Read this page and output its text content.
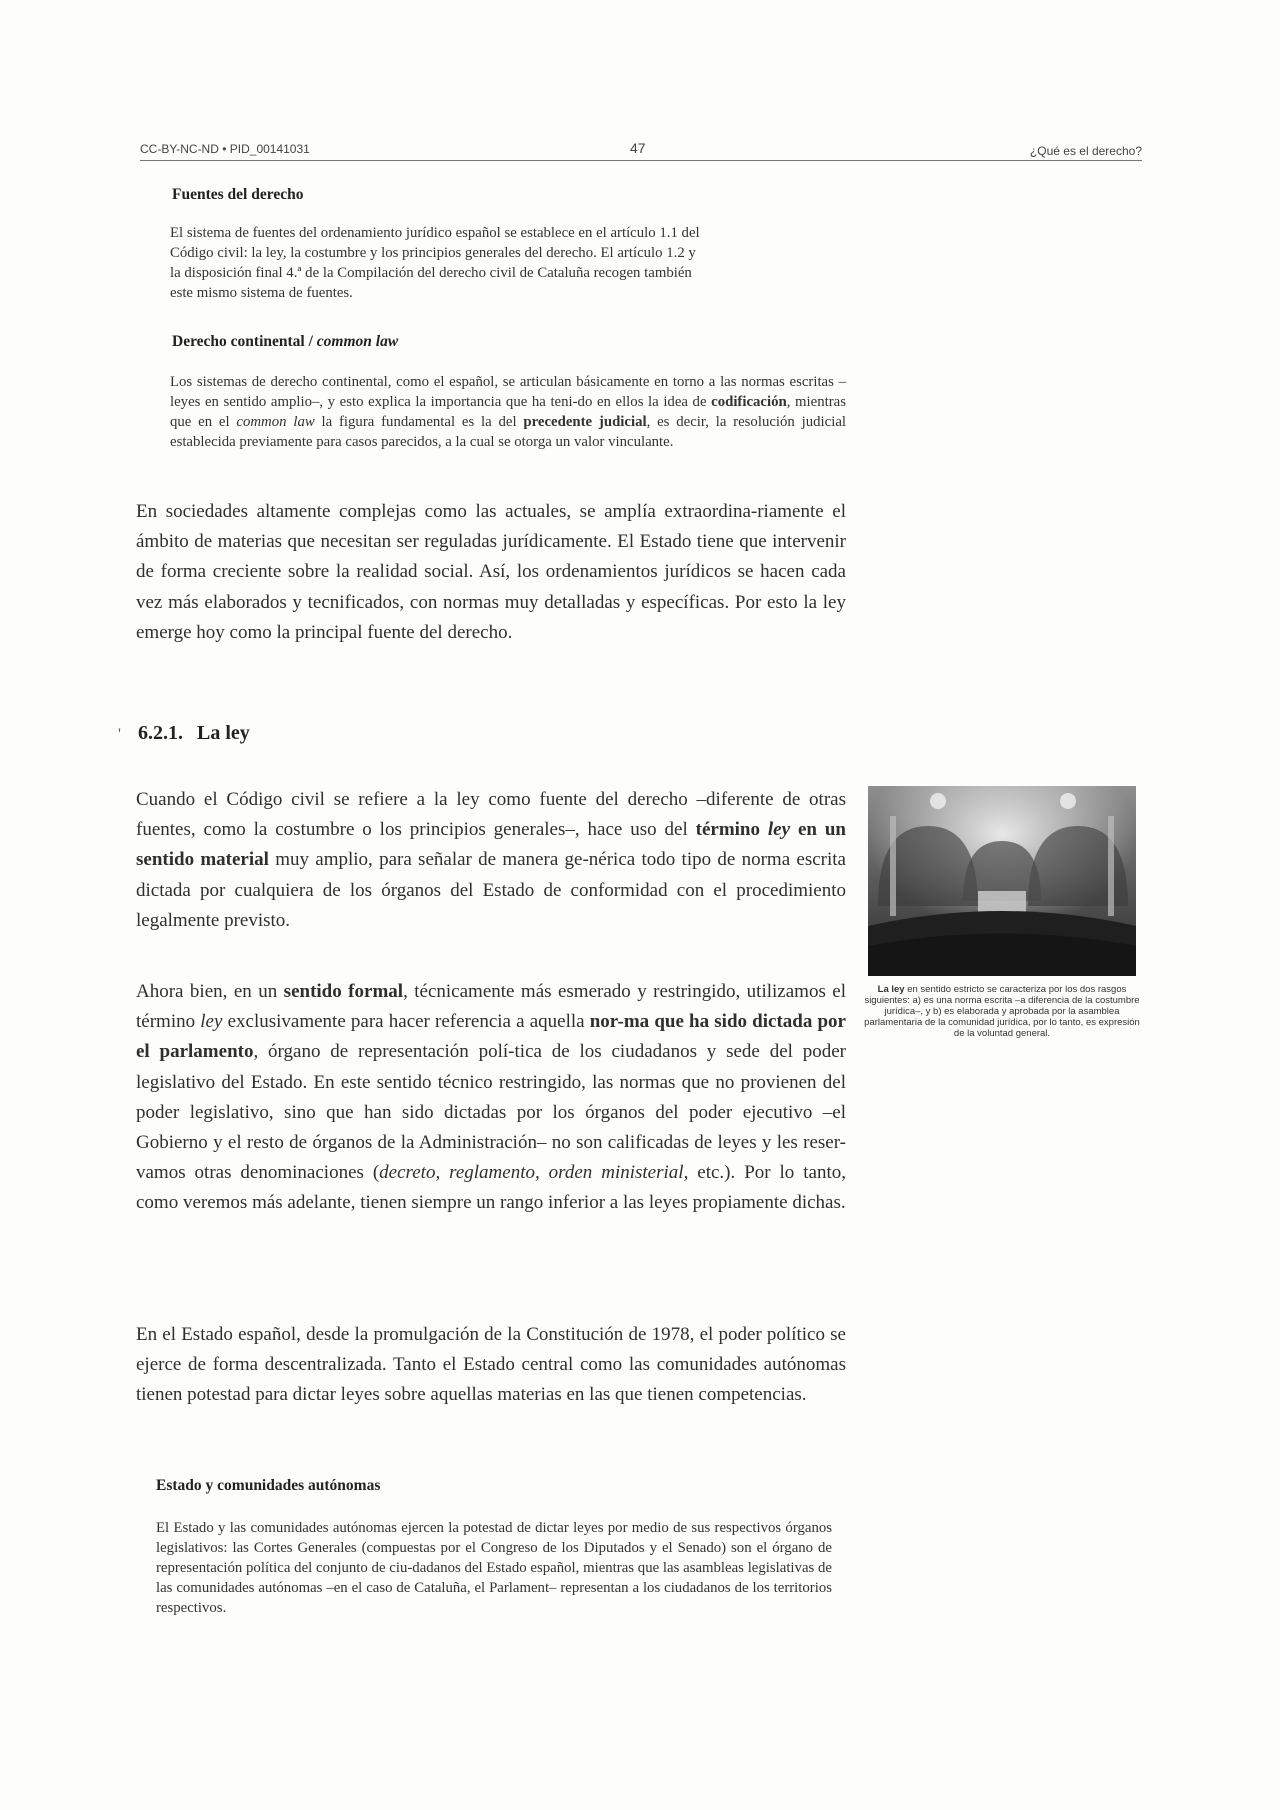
CC-BY-NC-ND • PID_00141031	47	¿Qué es el derecho?
Fuentes del derecho

El sistema de fuentes del ordenamiento jurídico español se establece en el artículo 1.1 del

Código civil: la ley, la costumbre y los principios generales del derecho. El artículo 1.2 y

la disposición final 4.ª de la Compilación del derecho civil de Cataluña recogen también

este mismo sistema de fuentes.

Derecho continental / common law

Los sistemas de derecho continental, como el español, se articulan básicamente en torno a las normas escritas –leyes en sentido amplio–, y esto explica la importancia que ha teni-do en ellos la idea de codificación, mientras que en el common law la figura fundamental es la del precedente judicial, es decir, la resolución judicial establecida previamente para casos parecidos, a la cual se otorga un valor vinculante.

En sociedades altamente complejas como las actuales, se amplía extraordina-riamente el ámbito de materias que necesitan ser reguladas jurídicamente. El Estado tiene que intervenir de forma creciente sobre la realidad social. Así, los ordenamientos jurídicos se hacen cada vez más elaborados y tecnificados, con normas muy detalladas y específicas. Por esto la ley emerge hoy como la principal fuente del derecho.

' 6.2.1. La ley

Cuando el Código civil se refiere a la ley como fuente del derecho –diferente de otras fuentes, como la costumbre o los principios generales–, hace uso del término ley en un sentido material muy amplio, para señalar de manera ge-nérica todo tipo de norma escrita dictada por cualquiera de los órganos del Estado de conformidad con el procedimiento legalmente previsto.

La ley en sentido estricto se caracteriza por los dos rasgos siguientes: a) es una norma escrita –a diferencia de la costumbre jurídica–, y b) es elaborada y aprobada por la asamblea parlamentaria de la comunidad jurídica, por lo tanto, es expresión de la voluntad general.

Ahora bien, en un sentido formal, técnicamente más esmerado y restringido, utilizamos el término ley exclusivamente para hacer referencia a aquella nor-ma que ha sido dictada por el parlamento, órgano de representación polí-tica de los ciudadanos y sede del poder legislativo del Estado. En este sentido técnico restringido, las normas que no provienen del poder legislativo, sino que han sido dictadas por los órganos del poder ejecutivo –el Gobierno y el resto de órganos de la Administración– no son calificadas de leyes y les reser-vamos otras denominaciones (decreto, reglamento, orden ministerial, etc.). Por lo tanto, como veremos más adelante, tienen siempre un rango inferior a las leyes propiamente dichas.

En el Estado español, desde la promulgación de la Constitución de 1978, el poder político se ejerce de forma descentralizada. Tanto el Estado central como las comunidades autónomas tienen potestad para dictar leyes sobre aquellas materias en las que tienen competencias.

Estado y comunidades autónomas

El Estado y las comunidades autónomas ejercen la potestad de dictar leyes por medio de sus respectivos órganos legislativos: las Cortes Generales (compuestas por el Congreso de los Diputados y el Senado) son el órgano de representación política del conjunto de ciu-dadanos del Estado español, mientras que las asambleas legislativas de las comunidades autónomas –en el caso de Cataluña, el Parlament– representan a los ciudadanos de los territorios respectivos.
